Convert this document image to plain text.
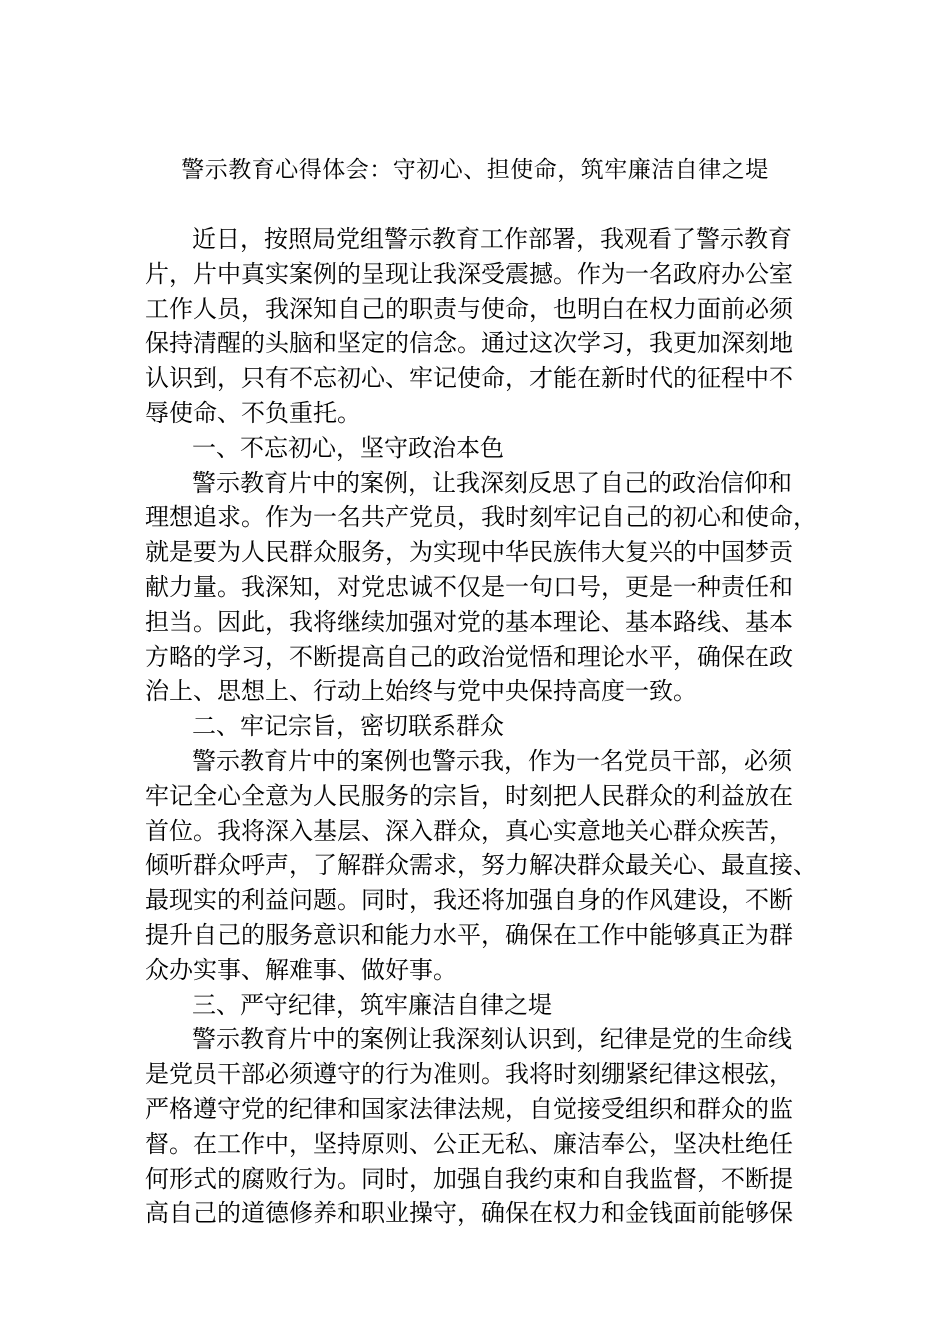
警示教育心得体会：守初心、担使命，筑牢廉洁自律之堤
近日，按照局党组警示教育工作部署，我观看了警示教育
片，片中真实案例的呈现让我深受震撼。作为一名政府办公室
工作人员，我深知自己的职责与使命，也明白在权力面前必须
保持清醒的头脑和坚定的信念。通过这次学习，我更加深刻地
认识到，只有不忘初心、牢记使命，才能在新时代的征程中不
辱使命、不负重托。
一、不忘初心，坚守政治本色
警示教育片中的案例，让我深刻反思了自己的政治信仰和
理想追求。作为一名共产党员，我时刻牢记自己的初心和使命，
就是要为人民群众服务，为实现中华民族伟大复兴的中国梦贡
献力量。我深知，对党忠诚不仅是一句口号，更是一种责任和
担当。因此，我将继续加强对党的基本理论、基本路线、基本
方略的学习，不断提高自己的政治觉悟和理论水平，确保在政
治上、思想上、行动上始终与党中央保持高度一致。
二、牢记宗旨，密切联系群众
警示教育片中的案例也警示我，作为一名党员干部，必须
牢记全心全意为人民服务的宗旨，时刻把人民群众的利益放在
首位。我将深入基层、深入群众，真心实意地关心群众疾苦，
倾听群众呼声，了解群众需求，努力解决群众最关心、最直接、
最现实的利益问题。同时，我还将加强自身的作风建设，不断
提升自己的服务意识和能力水平，确保在工作中能够真正为群
众办实事、解难事、做好事。
三、严守纪律，筑牢廉洁自律之堤
警示教育片中的案例让我深刻认识到，纪律是党的生命线
是党员干部必须遵守的行为准则。我将时刻绷紧纪律这根弦，
严格遵守党的纪律和国家法律法规，自觉接受组织和群众的监
督。在工作中，坚持原则、公正无私、廉洁奉公，坚决杜绝任
何形式的腐败行为。同时，加强自我约束和自我监督，不断提
高自己的道德修养和职业操守，确保在权力和金钱面前能够保
